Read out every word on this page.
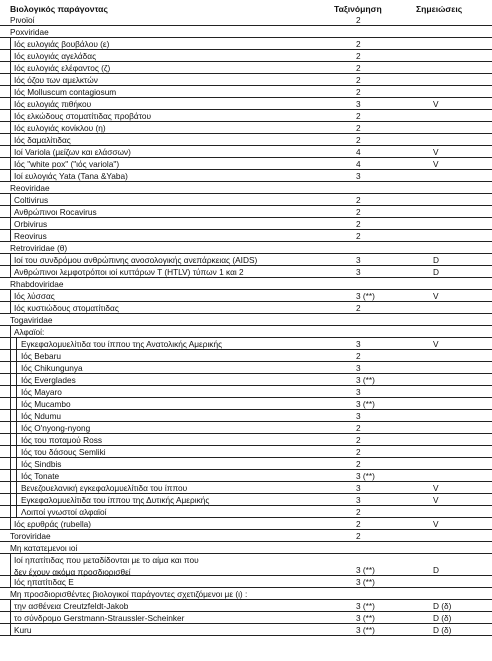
Βιολογικός παράγοντας	Ταξινόμηση	Σημειώσεις
Ρινοϊοί	2
Poxviridae
Ιός ευλογιάς βουβάλου (ε)	2
Ιός ευλογιάς αγελάδας	2
Ιός ευλογιάς ελέφαντος (ζ)	2
Ιός όζου των αμελκτών	2
Ιός Molluscum contagiosum	2
Ιός ευλογιάς πιθήκου	3	V
Ιός ελκώδους στοματίτιδας προβάτου	2
Ιός ευλογιάς κονίκλου (η)	2
Ιός δαμαλίτιδας	2
Ιοί Variola (μείζων και ελάσσων)	4	V
Ιός "white pox" ("ιός variola")	4	V
Ιοί ευλογιάς Yata (Tana &Yaba)	3
Reoviridae
Coltivirus	2
Ανθρώπινοι Rocavirus	2
Orbivirus	2
Reovirus	2
Retroviridae (θ)
Ιοί του συνδρόμου ανθρώπινης ανοσολογικής ανεπάρκειας (AIDS)	3	D
Ανθρώπινοι λεμφοτρόποι ιοί κυττάρων Τ (HTLV) τύπων 1 και 2	3	D
Rhabdoviridae
Ιός λύσσας	3 (**)	V
Ιός κυστιώδους στοματίτιδας	2
Togaviridae
Αλφαϊοί:
Εγκεφαλομυελίτιδα του ίππου της Ανατολικής Αμερικής	3	V
Ιός Bebaru	2
Ιός Chikungunya	3
Ιός Everglades	3 (**)
Ιός Mayaro	3
Ιός Mucambo	3 (**)
Ιός Ndumu	3
Ιός O'nyong-nyong	2
Ιός του ποταμού Ross	2
Ιός του δάσους Semliki	2
Ιός Sindbis	2
Ιός Tonate	3 (**)
Βενεζουελανική εγκεφαλομυελίτιδα του ίππου	3	V
Εγκεφαλομυελίτιδα του ίππου της Δυτικής Αμερικής	3	V
Λοιποί γνωστοί αλφαϊοί	2
Ιός ερυθράς (rubella)	2	V
Toroviridae	2
Μη κατατεμενοι ιοί
Ιοί ηπατίτιδας που μεταδίδονται με το αίμα και που
δεν έχουν ακόμα προσδιορισθεί	3 (**)	D
Ιός ηπατίτιδας E	3 (**)
Μη προσδιορισθέντες βιολογικοί παράγοντες σχετιζόμενοι με (ι) :
την ασθένεια Creutzfeldt-Jakob	3 (**)	D (δ)
το σύνδρομο Gerstmann-Straussler-Scheinker	3 (**)	D (δ)
Kuru	3 (**)	D (δ)
